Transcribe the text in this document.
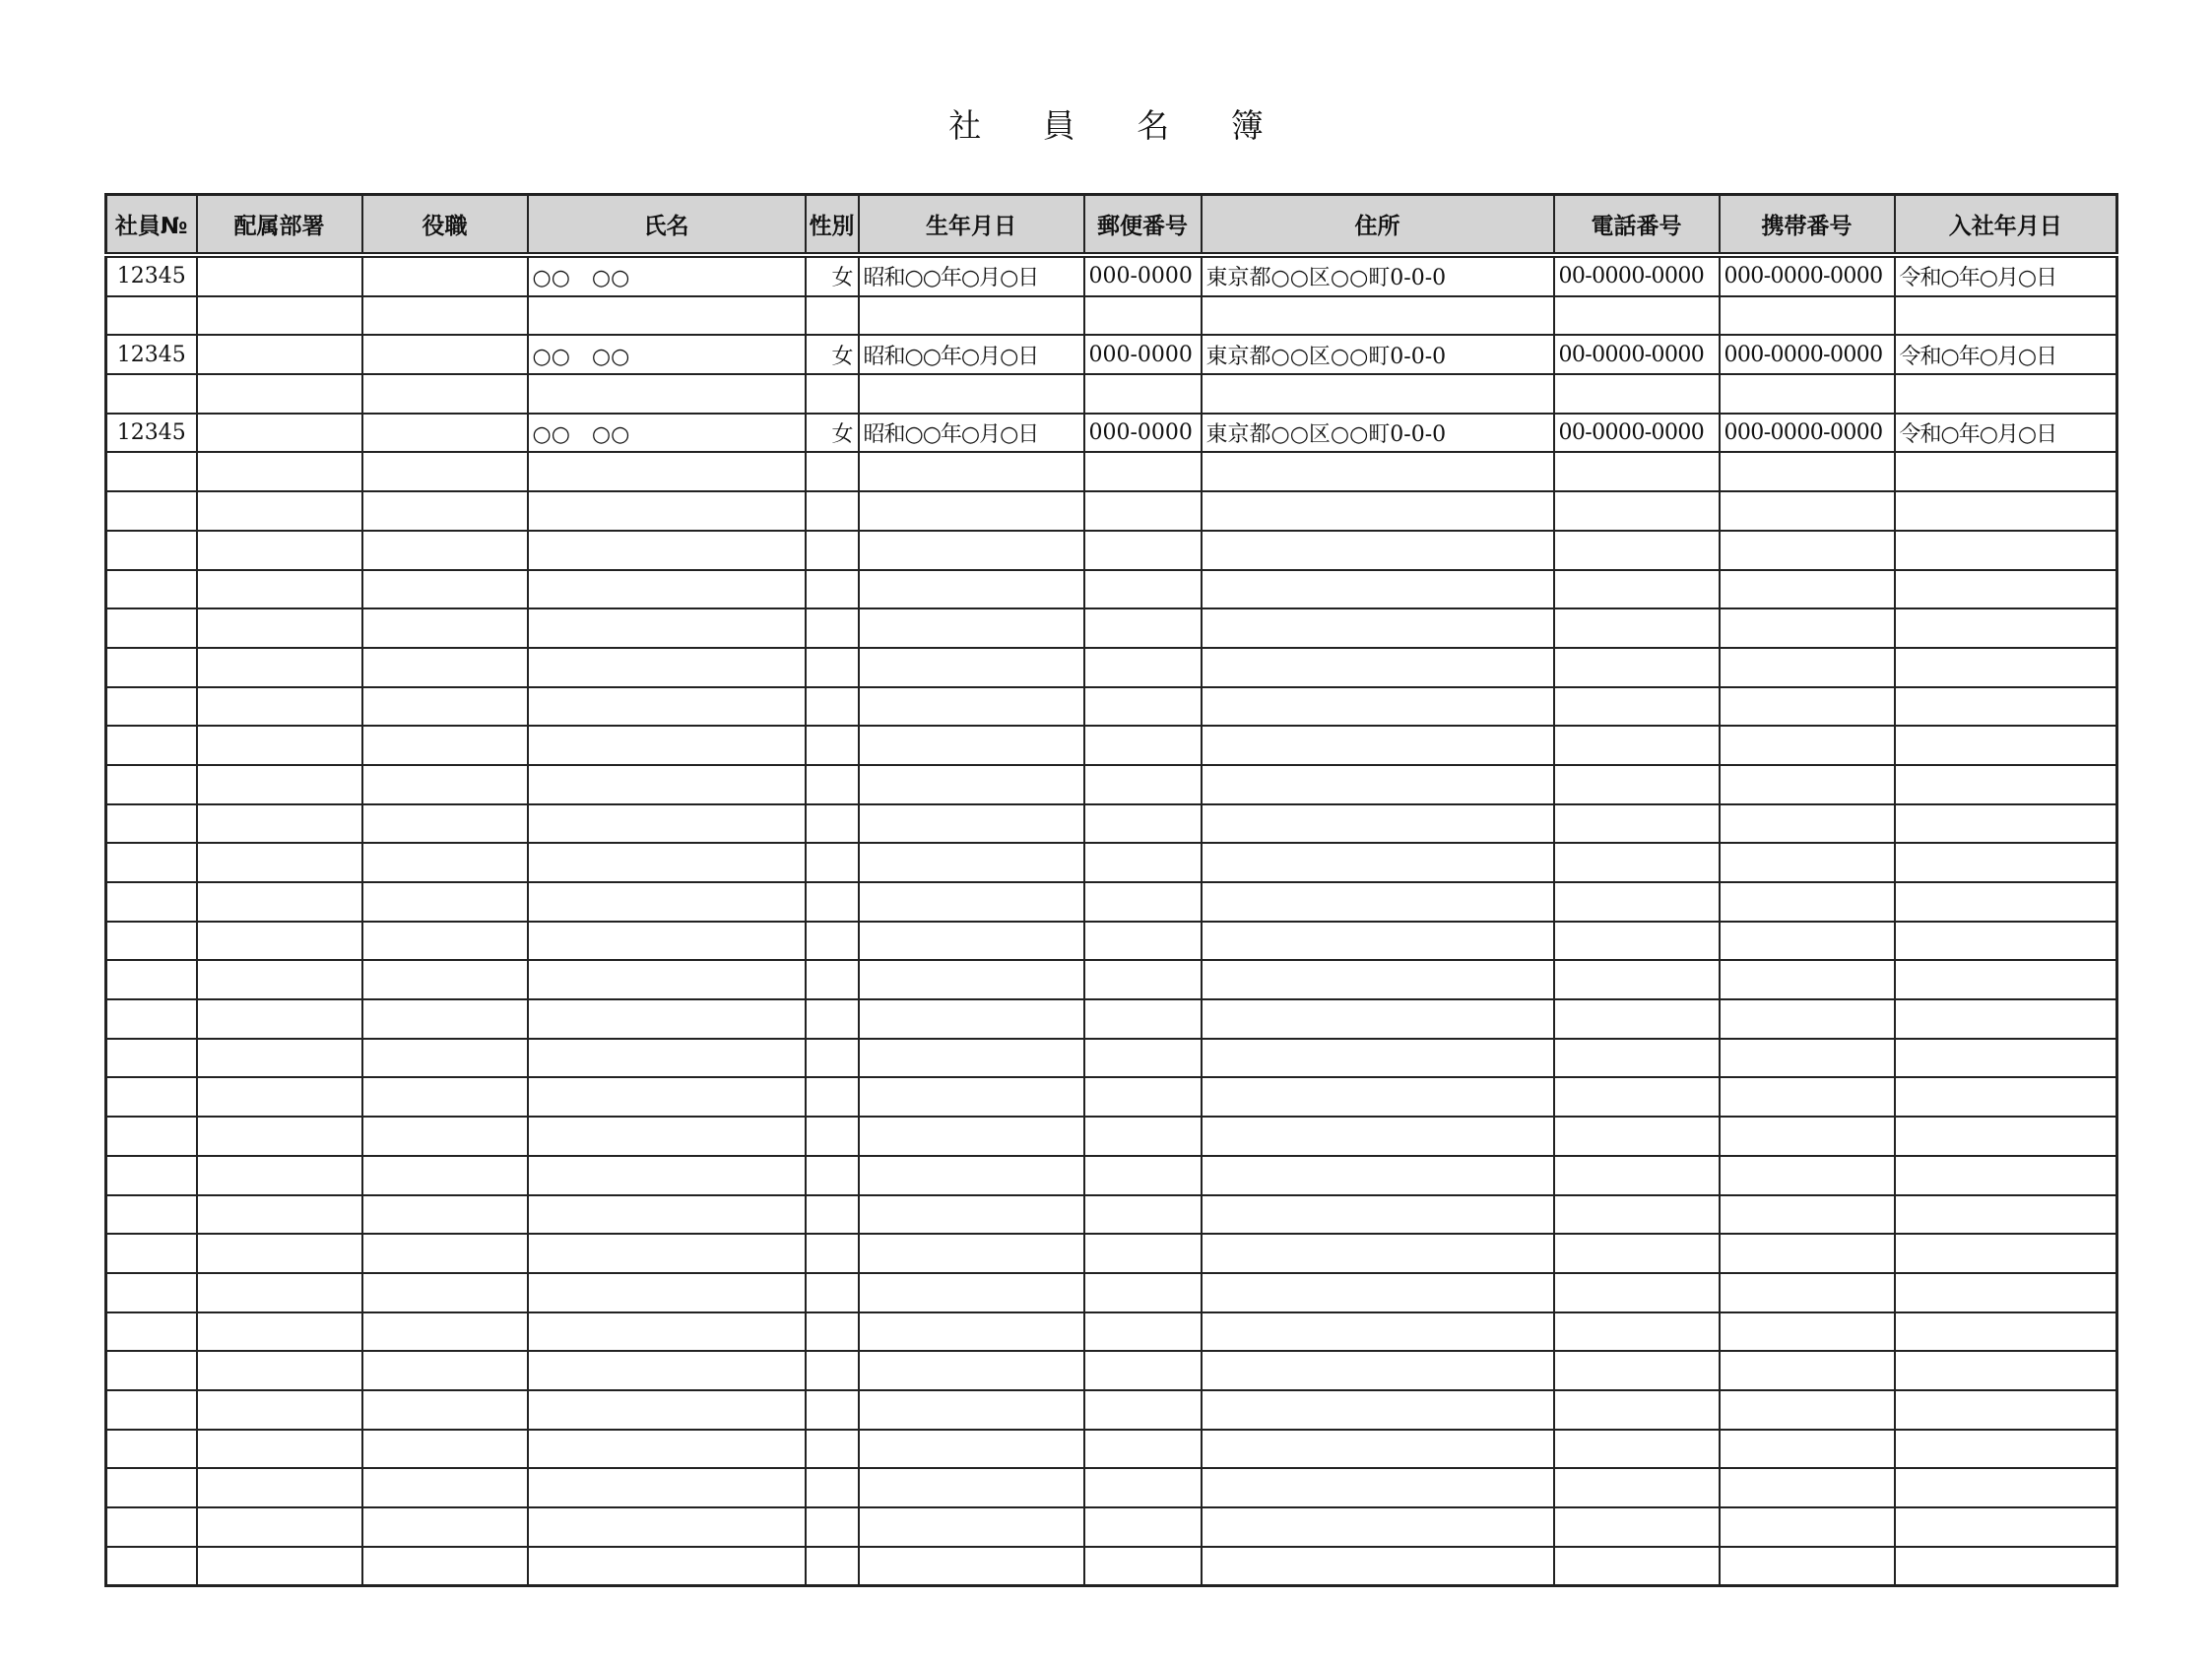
社 員 名 簿
社員№	配属部署	役職	氏名	性別	生年月日	郵便番号	住所	電話番号	携帯番号	入社年月日
12345			○○　○○	女	昭和○○年○月○日	000-0000	東京都○○区○○町0-0-0	00-0000-0000	000-0000-0000	令和○年○月○日

12345			○○　○○	女	昭和○○年○月○日	000-0000	東京都○○区○○町0-0-0	00-0000-0000	000-0000-0000	令和○年○月○日

12345			○○　○○	女	昭和○○年○月○日	000-0000	東京都○○区○○町0-0-0	00-0000-0000	000-0000-0000	令和○年○月○日
